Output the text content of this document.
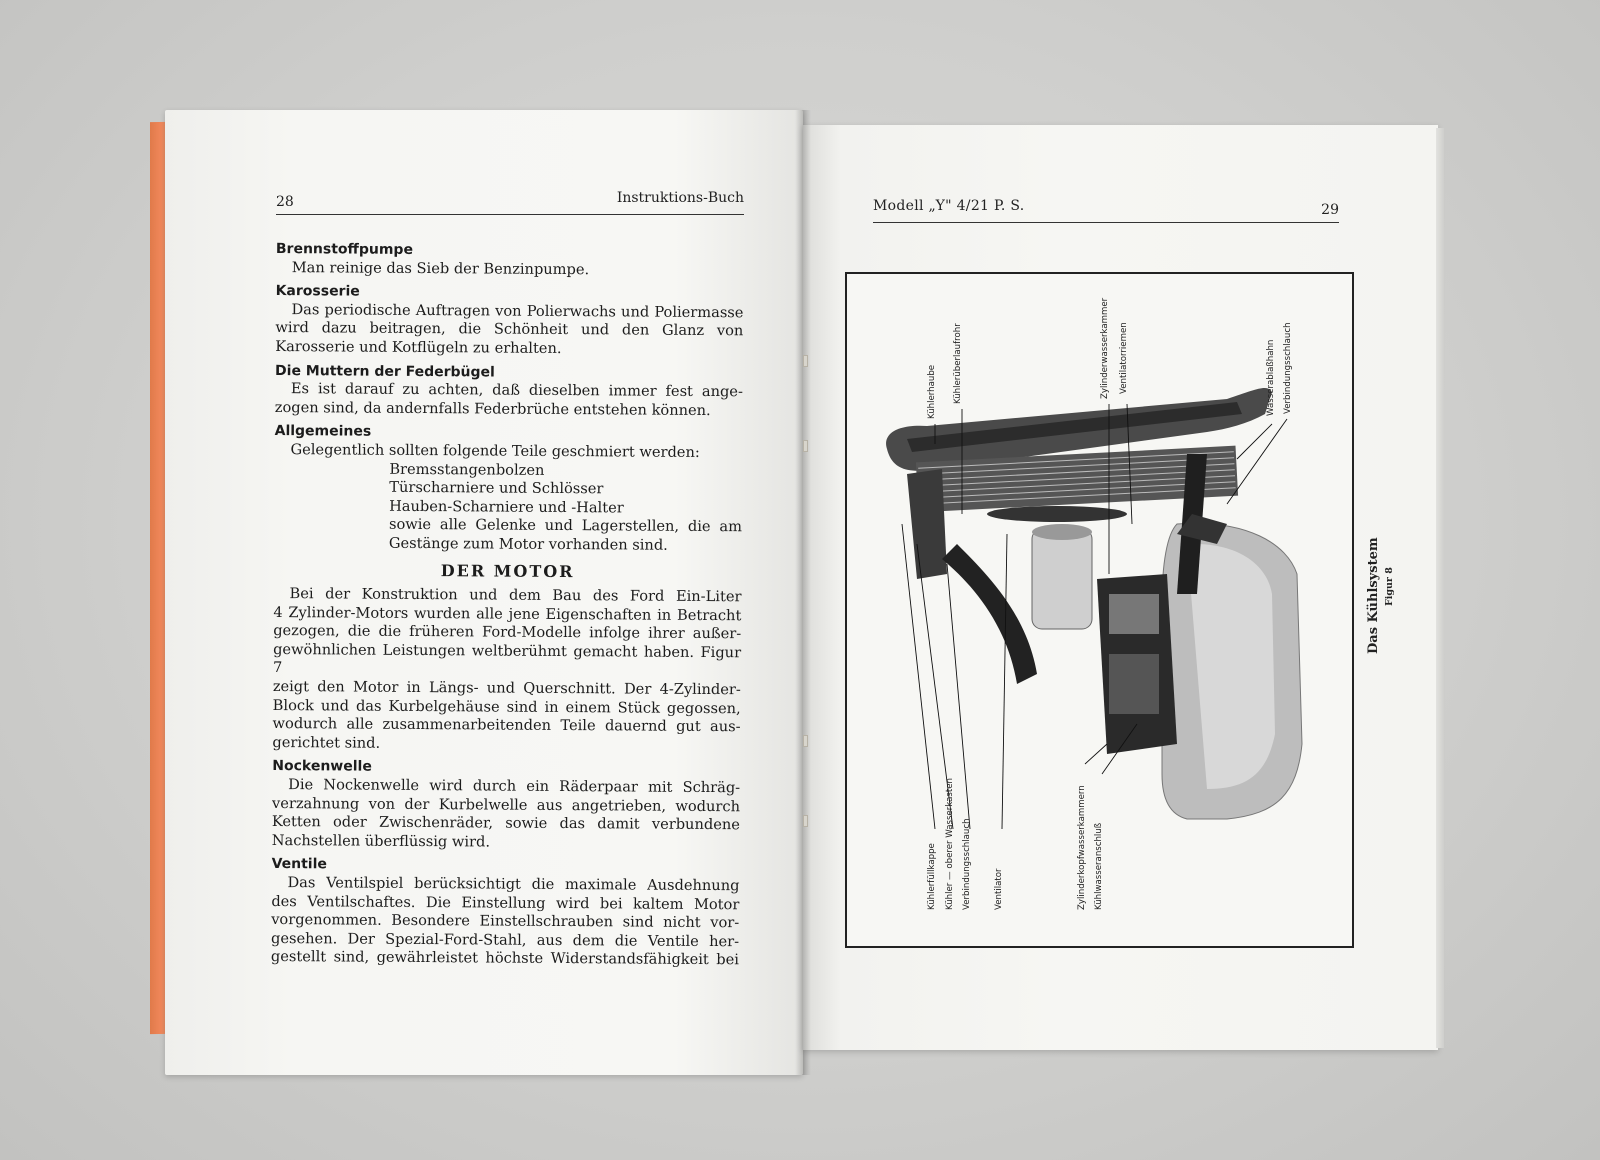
28	Instruktions-Buch
Brennstoffpumpe
Man reinige das Sieb der Benzinpumpe.
Karosserie
Das periodische Auftragen von Polierwachs und Poliermasse
wird dazu beitragen, die Schönheit und den Glanz von
Karosserie und Kotflügeln zu erhalten.
Die Muttern der Federbügel
Es ist darauf zu achten, daß dieselben immer fest ange-
zogen sind, da andernfalls Federbrüche entstehen können.
Allgemeines
Gelegentlich sollten folgende Teile geschmiert werden:
Bremsstangenbolzen
Türscharniere und Schlösser
Hauben-Scharniere und -Halter
sowie alle Gelenke und Lagerstellen, die am
Gestänge zum Motor vorhanden sind.
DER MOTOR
Bei der Konstruktion und dem Bau des Ford Ein-Liter
4 Zylinder-Motors wurden alle jene Eigenschaften in Betracht
gezogen, die die früheren Ford-Modelle infolge ihrer außer-
gewöhnlichen Leistungen weltberühmt gemacht haben. Figur 7
zeigt den Motor in Längs- und Querschnitt. Der 4-Zylinder-
Block und das Kurbelgehäuse sind in einem Stück gegossen,
wodurch alle zusammenarbeitenden Teile dauernd gut aus-
gerichtet sind.
Nockenwelle
Die Nockenwelle wird durch ein Räderpaar mit Schräg-
verzahnung von der Kurbelwelle aus angetrieben, wodurch
Ketten oder Zwischenräder, sowie das damit verbundene
Nachstellen überflüssig wird.
Ventile
Das Ventilspiel berücksichtigt die maximale Ausdehnung
des Ventilschaftes. Die Einstellung wird bei kaltem Motor
vorgenommen. Besondere Einstellschrauben sind nicht vor-
gesehen. Der Spezial-Ford-Stahl, aus dem die Ventile her-
gestellt sind, gewährleistet höchste Widerstandsfähigkeit bei
Modell „Y" 4/21 P. S.	29
Kühlerhaube Kühlerüberlaufrohr	Zylinderwasserkammer Ventilatorriemen	Wasserablaßhahn Verbindungsschlauch
Kühlerfüllkappe Kühler — oberer Wasserkasten Verbindungsschlauch	Ventilator	Zylinderkopfwasserkammern Kühlwasseranschluß
Das Kühlsystem Figur 8
